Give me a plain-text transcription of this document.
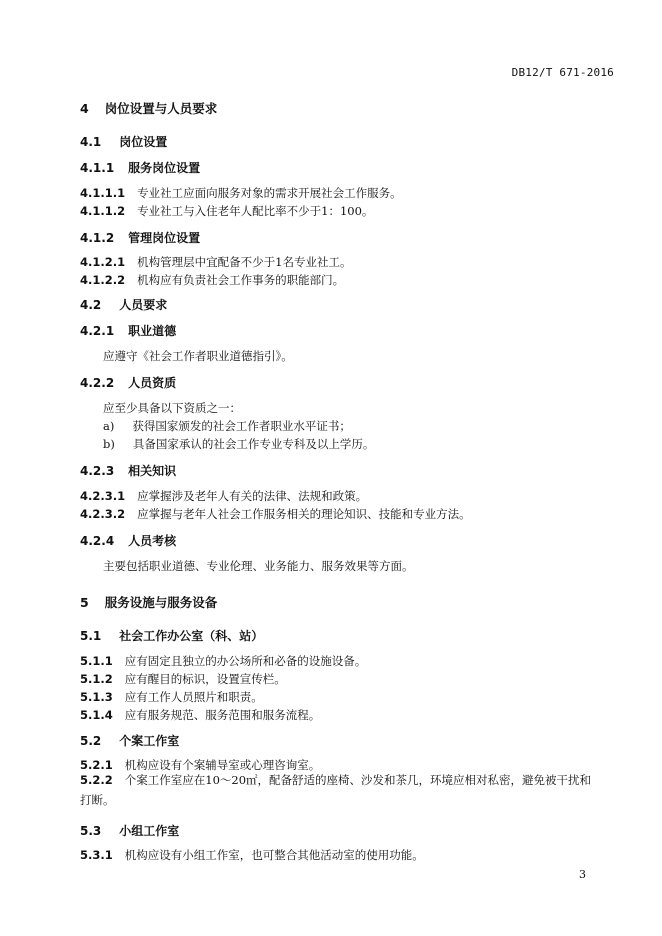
DB12/T 671-2016
4 岗位设置与人员要求
4.1 岗位设置
4.1.1 服务岗位设置
4.1.1.1 专业社工应面向服务对象的需求开展社会工作服务。
4.1.1.2 专业社工与入住老年人配比率不少于1：100。
4.1.2 管理岗位设置
4.1.2.1 机构管理层中宜配备不少于1名专业社工。
4.1.2.2 机构应有负责社会工作事务的职能部门。
4.2 人员要求
4.2.1 职业道德
应遵守《社会工作者职业道德指引》。
4.2.2 人员资质
应至少具备以下资质之一：
a) 获得国家颁发的社会工作者职业水平证书；
b) 具备国家承认的社会工作专业专科及以上学历。
4.2.3 相关知识
4.2.3.1 应掌握涉及老年人有关的法律、法规和政策。
4.2.3.2 应掌握与老年人社会工作服务相关的理论知识、技能和专业方法。
4.2.4 人员考核
主要包括职业道德、专业伦理、业务能力、服务效果等方面。
5 服务设施与服务设备
5.1 社会工作办公室（科、站）
5.1.1 应有固定且独立的办公场所和必备的设施设备。
5.1.2 应有醒目的标识，设置宣传栏。
5.1.3 应有工作人员照片和职责。
5.1.4 应有服务规范、服务范围和服务流程。
5.2 个案工作室
5.2.1 机构应设有个案辅导室或心理咨询室。
5.2.2 个案工作室应在10～20㎡，配备舒适的座椅、沙发和茶几，环境应相对私密，避免被干扰和打断。
5.3 小组工作室
5.3.1 机构应设有小组工作室，也可整合其他活动室的使用功能。
3
